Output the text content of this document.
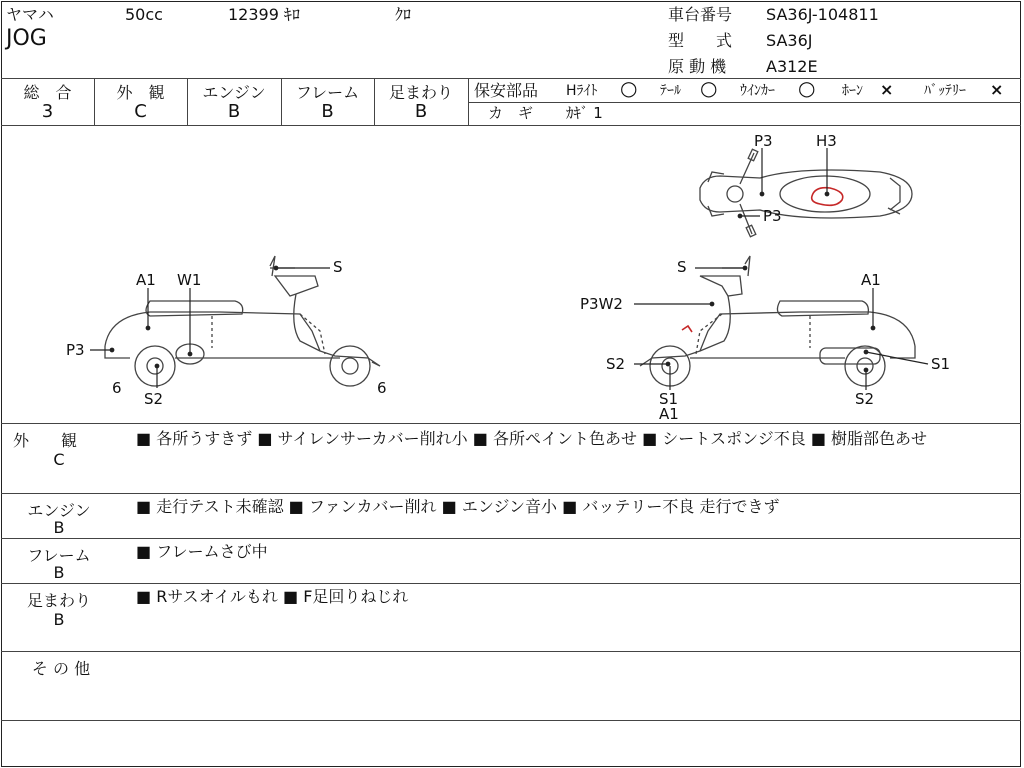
ヤマハ	50cc	12399 ｷﾛ	ｸﾛ
JOG
車台番号 SA36J-104811
型　　式 SA36J
原 動 機 A312E
総　合
3
外　観
C
エンジン
B
フレーム
B
足まわり
B
保安部品 Hﾗｲﾄ ○ ﾃｰﾙ ○ ｳｲﾝｶｰ ○ ﾎｰﾝ × ﾊﾞｯﾃﾘｰ ×
カ　ギ ｶｷﾞ 1
P3	H3
P3
S
A1 W1
P3
6
S2
6
S
A1
P3W2
S2
S1
A1
S1
S2
外　　観
C
■ 各所うすきず ■ サイレンサーカバー削れ小 ■ 各所ペイント色あせ ■ シートスポンジ不良 ■ 樹脂部色あせ
エンジン
B
■ 走行テスト未確認 ■ ファンカバー削れ ■ エンジン音小 ■ バッテリー不良 走行できず
フレーム
B
■ フレームさび中
足まわり
B
■ Rサスオイルもれ ■ F足回りねじれ
そ の 他
